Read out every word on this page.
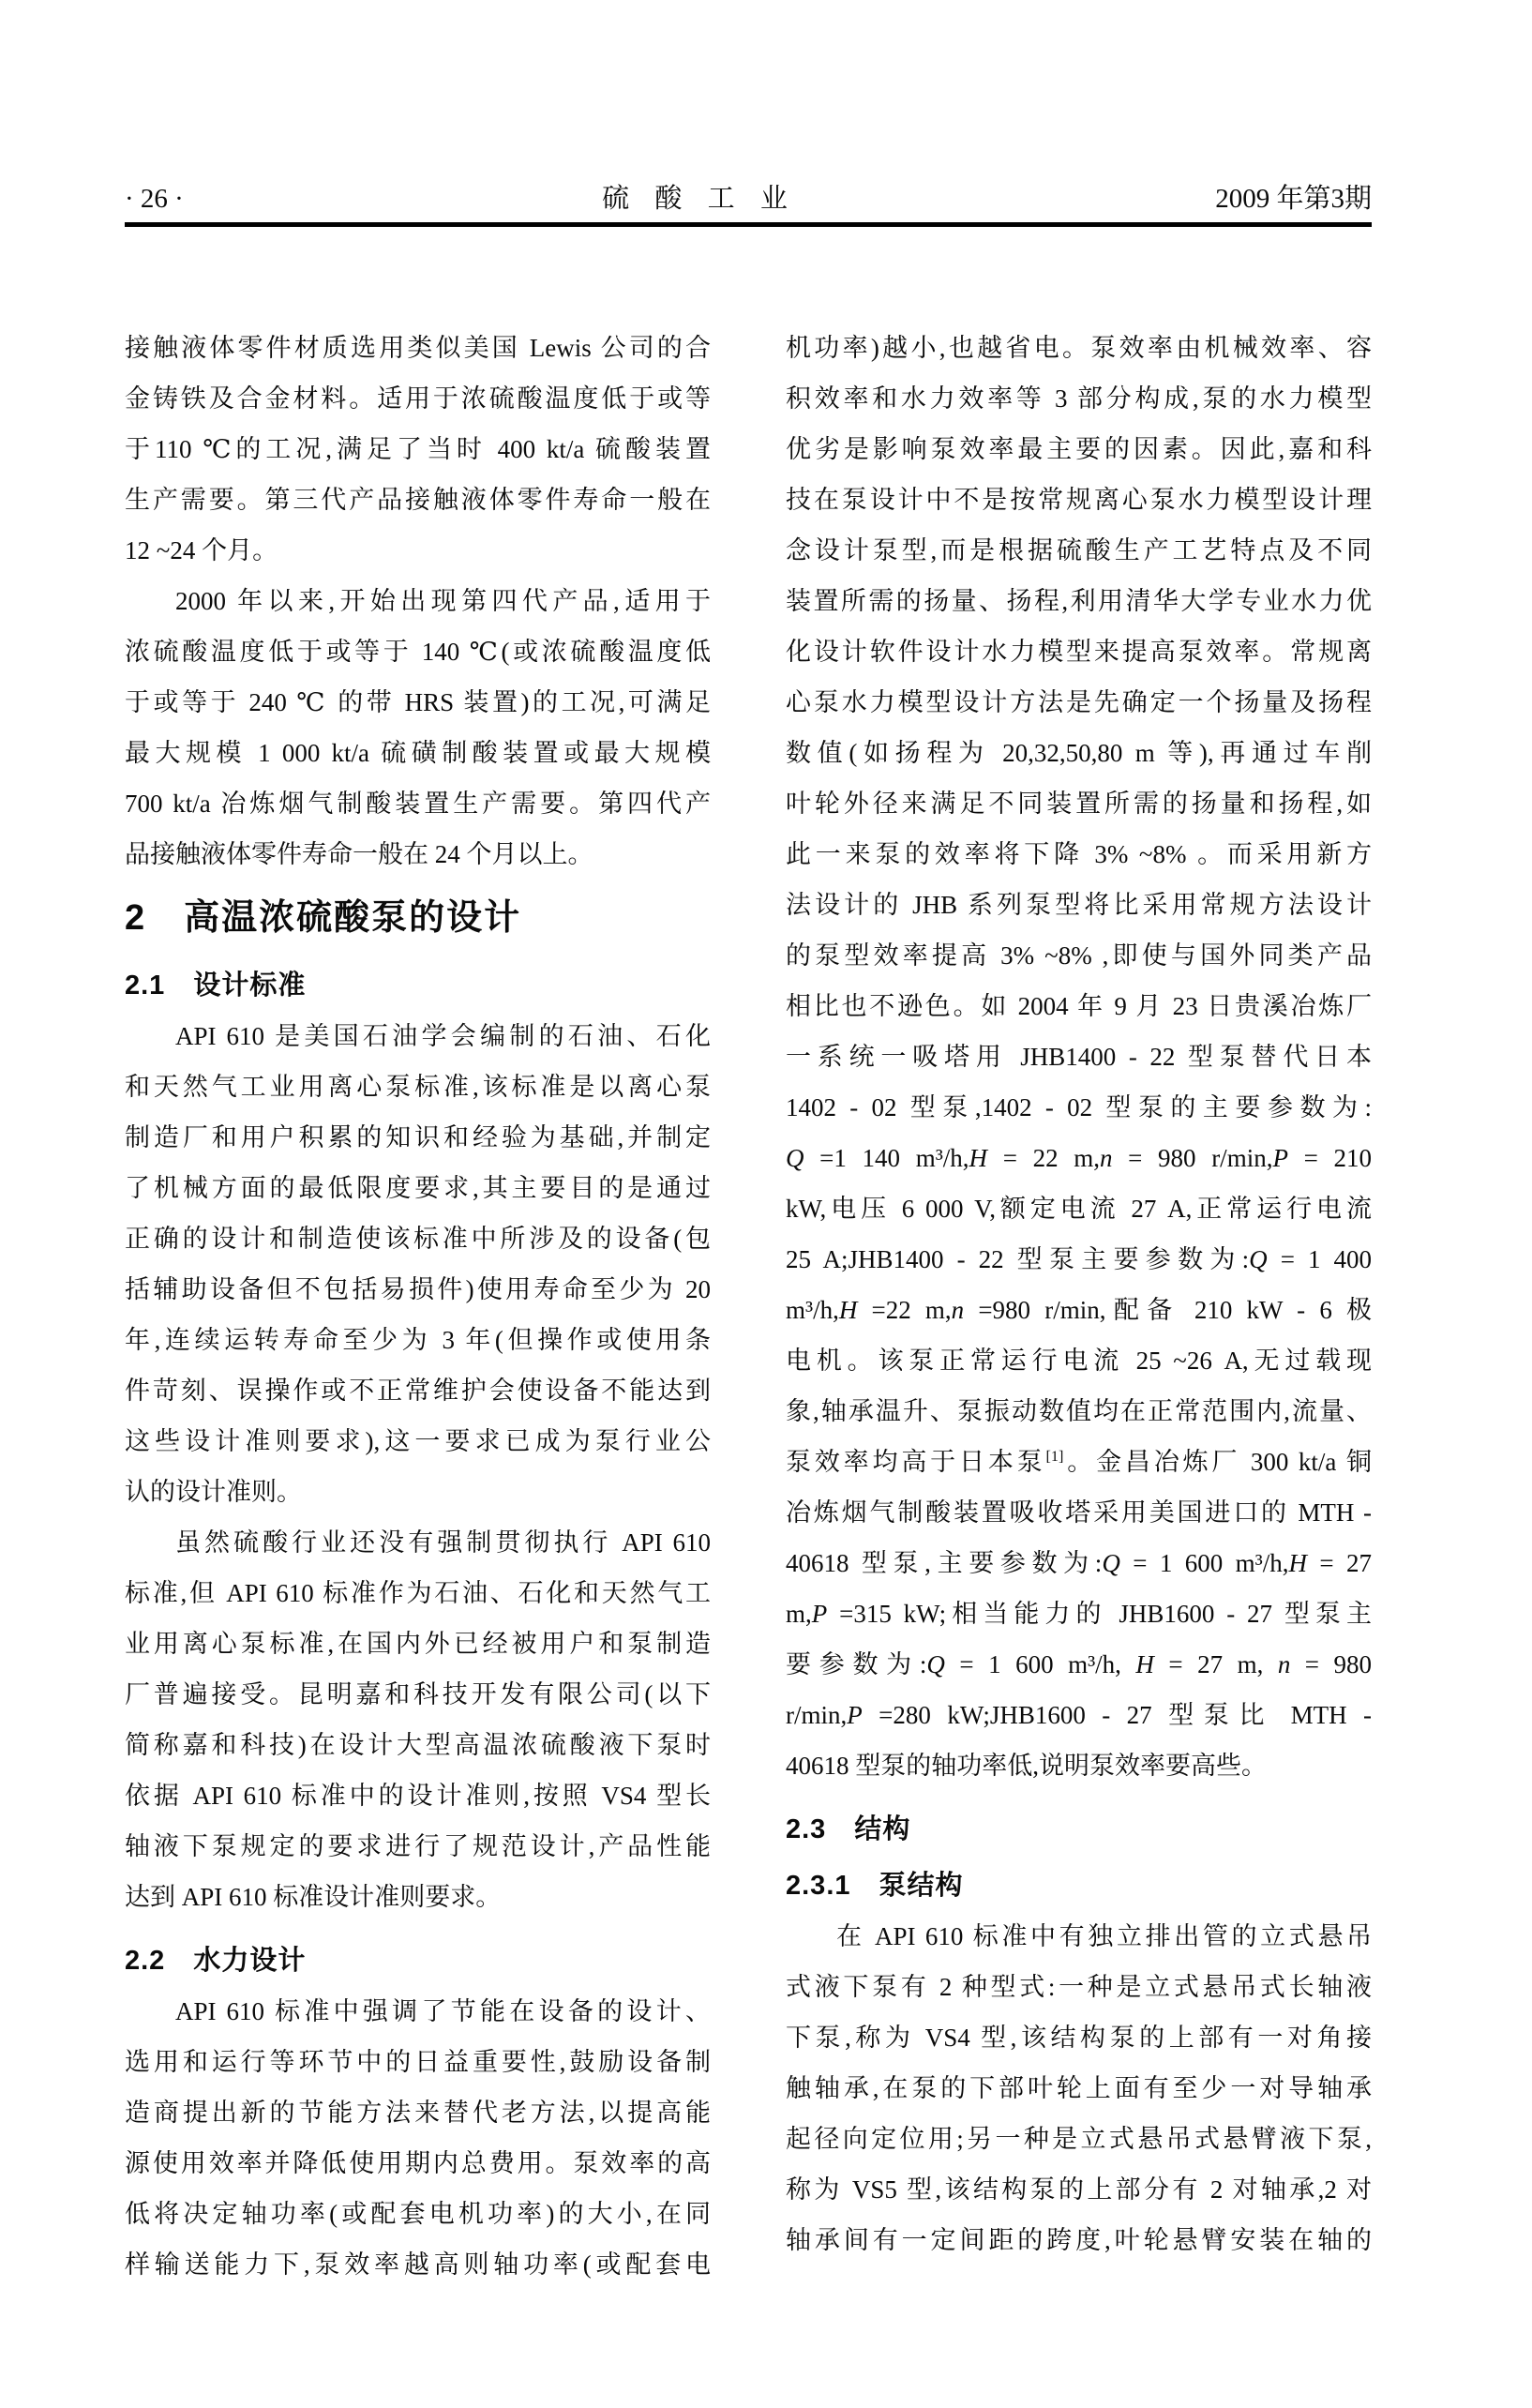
· 26 ·	硫 酸 工 业	2009 年第3期
接触液体零件材质选用类似美国 Lewis 公司的合
金铸铁及合金材料。适用于浓硫酸温度低于或等
于110 ℃的工况,满足了当时 400 kt/a 硫酸装置
生产需要。第三代产品接触液体零件寿命一般在
12 ~24 个月。
2000 年以来,开始出现第四代产品,适用于
浓硫酸温度低于或等于 140 ℃(或浓硫酸温度低
于或等于 240 ℃ 的带 HRS 装置)的工况,可满足
最大规模 1 000 kt/a 硫磺制酸装置或最大规模
700 kt/a 冶炼烟气制酸装置生产需要。第四代产
品接触液体零件寿命一般在 24 个月以上。
2　高温浓硫酸泵的设计
2.1　设计标准
API 610 是美国石油学会编制的石油、石化
和天然气工业用离心泵标准,该标准是以离心泵
制造厂和用户积累的知识和经验为基础,并制定
了机械方面的最低限度要求,其主要目的是通过
正确的设计和制造使该标准中所涉及的设备(包
括辅助设备但不包括易损件)使用寿命至少为 20
年,连续运转寿命至少为 3 年(但操作或使用条
件苛刻、误操作或不正常维护会使设备不能达到
这些设计准则要求),这一要求已成为泵行业公
认的设计准则。
虽然硫酸行业还没有强制贯彻执行 API 610
标准,但 API 610 标准作为石油、石化和天然气工
业用离心泵标准,在国内外已经被用户和泵制造
厂普遍接受。昆明嘉和科技开发有限公司(以下
简称嘉和科技)在设计大型高温浓硫酸液下泵时
依据 API 610 标准中的设计准则,按照 VS4 型长
轴液下泵规定的要求进行了规范设计,产品性能
达到 API 610 标准设计准则要求。
2.2　水力设计
API 610 标准中强调了节能在设备的设计、
选用和运行等环节中的日益重要性,鼓励设备制
造商提出新的节能方法来替代老方法,以提高能
源使用效率并降低使用期内总费用。泵效率的高
低将决定轴功率(或配套电机功率)的大小,在同
样输送能力下,泵效率越高则轴功率(或配套电
机功率)越小,也越省电。泵效率由机械效率、容
积效率和水力效率等 3 部分构成,泵的水力模型
优劣是影响泵效率最主要的因素。因此,嘉和科
技在泵设计中不是按常规离心泵水力模型设计理
念设计泵型,而是根据硫酸生产工艺特点及不同
装置所需的扬量、扬程,利用清华大学专业水力优
化设计软件设计水力模型来提高泵效率。常规离
心泵水力模型设计方法是先确定一个扬量及扬程
数值(如扬程为 20,32,50,80 m 等),再通过车削
叶轮外径来满足不同装置所需的扬量和扬程,如
此一来泵的效率将下降 3% ~8% 。而采用新方
法设计的 JHB 系列泵型将比采用常规方法设计
的泵型效率提高 3% ~8% ,即使与国外同类产品
相比也不逊色。如 2004 年 9 月 23 日贵溪冶炼厂
一系统一吸塔用 JHB1400 - 22 型泵替代日本
1402 - 02 型泵,1402 - 02 型泵的主要参数为:
Q =1 140 m³/h,H = 22 m,n = 980 r/min,P = 210
kW,电压 6 000 V,额定电流 27 A,正常运行电流
25 A;JHB1400 - 22 型泵主要参数为:Q = 1 400
m³/h,H =22 m,n =980 r/min,配备 210 kW - 6 极
电机。该泵正常运行电流 25 ~26 A,无过载现
象,轴承温升、泵振动数值均在正常范围内,流量、
泵效率均高于日本泵[1]。金昌冶炼厂 300 kt/a 铜
冶炼烟气制酸装置吸收塔采用美国进口的 MTH -
40618 型泵,主要参数为:Q = 1 600 m³/h,H = 27
m,P =315 kW;相当能力的 JHB1600 - 27 型泵主
要参数为:Q = 1 600 m³/h, H = 27 m, n = 980
r/min,P =280 kW;JHB1600 - 27 型泵比 MTH -
40618 型泵的轴功率低,说明泵效率要高些。
2.3　结构
2.3.1　泵结构
在 API 610 标准中有独立排出管的立式悬吊
式液下泵有 2 种型式:一种是立式悬吊式长轴液
下泵,称为 VS4 型,该结构泵的上部有一对角接
触轴承,在泵的下部叶轮上面有至少一对导轴承
起径向定位用;另一种是立式悬吊式悬臂液下泵,
称为 VS5 型,该结构泵的上部分有 2 对轴承,2 对
轴承间有一定间距的跨度,叶轮悬臂安装在轴的
